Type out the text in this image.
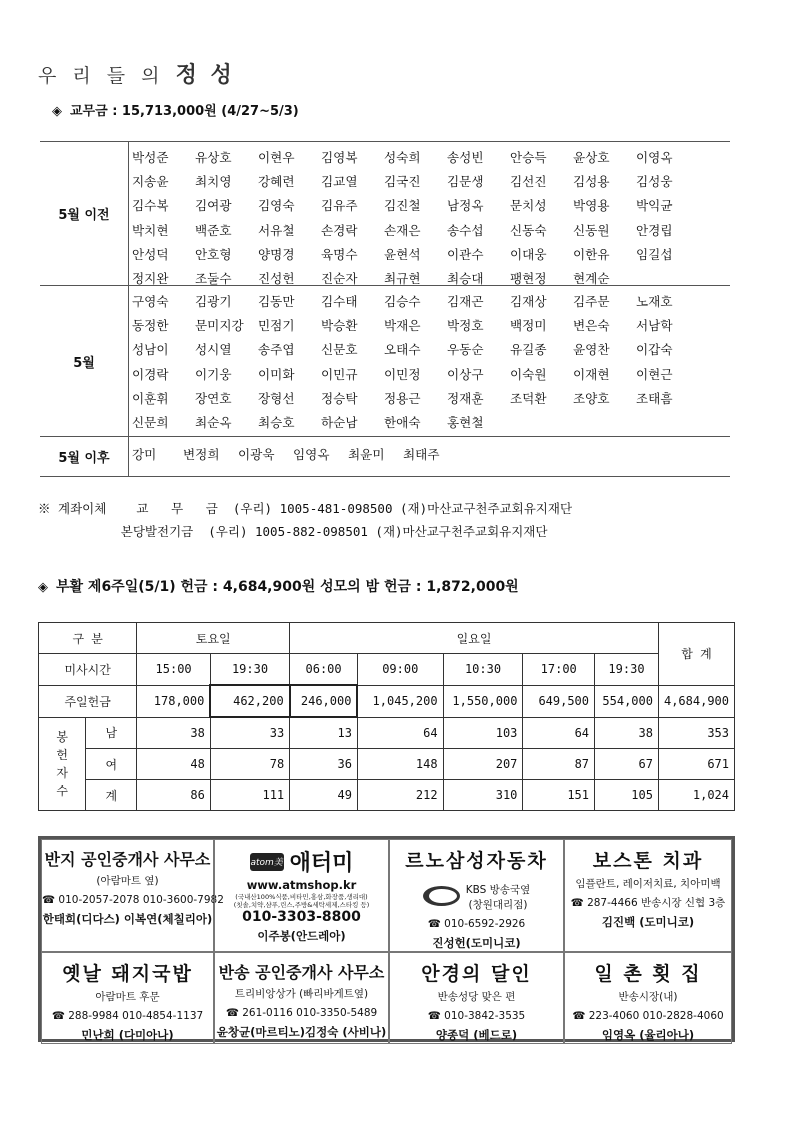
우 리 들 의 정 성
◈ 교무금 : 15,713,000원 (4/27~5/3)
5월 이전
박성준	유상호	이현우	김영복	성숙희	송성빈	안승득	윤상호	이영옥
지송윤	최치영	강혜련	김교열	김국진	김문생	김선진	김성용	김성웅
김수복	김여광	김영숙	김유주	김진철	남정옥	문치성	박영용	박익균
박치현	백준호	서유철	손경락	손재은	송수섭	신동숙	신동원	안경립
안성덕	안호형	양명경	육명수	윤현석	이관수	이대웅	이한유	임길섭
정지완	조둘수	진성헌	진순자	최규현	최승대	팽현정	현계순
5월
구영숙	김광기	김동만	김수태	김승수	김재곤	김재상	김주문	노재호
동정한	문미지강	민점기	박승환	박재은	박정호	백정미	변은숙	서남학
성남이	성시열	송주엽	신문호	오태수	우동순	유길종	윤영찬	이갑숙
이경락	이기웅	이미화	이민규	이민정	이상구	이숙원	이재현	이현근
이훈휘	장연호	장형선	정승탁	정용근	정재훈	조덕환	조양호	조태흠
신문희	최순옥	최승호	하순남	한애숙	홍현철
5월 이후	강미	변정희	이광욱	임영옥	최윤미	최태주
※ 계좌이체    교   무   금  (우리) 1005-481-098500 (재)마산교구천주교회유지재단
본당발전기금  (우리) 1005-882-098501 (재)마산교구천주교회유지재단
◈ 부활 제6주일(5/1) 헌금 : 4,684,900원 성모의 밤 헌금 : 1,872,000원
구 분		토요일		일요일					합 계
미사시간		15:00	19:30	06:00	09:00	10:30	17:00	19:30	
주일헌금		178,000	462,200	246,000	1,045,200	1,550,000	649,500	554,000	4,684,900
봉
헌
자
수	남	38	33	13	64	103	64	38	353
	여	48	78	36	148	207	87	67	671
	계	86	111	49	212	310	151	105	1,024
반지 공인중개사 사무소
(아람마트 옆)
☎ 010-2057-2078 010-3600-7982
한태희(디다스) 이복연(체칠리아)
atom美 애터미
www.atmshop.kr
(국내산100%식품,비타민,홍삼,화장품,생리대)
(칫솔,치약,샴푸,린스,주방&세탁세제,스타킹 등)
010-3303-8800
이주봉(안드레아)
르노삼성자동차
KBS 방송국옆
(창원대리점)
☎ 010-6592-2926
진성헌(도미니코)
보스톤 치과
임플란트, 레이저치료, 치아미백
☎ 287-4466 반송시장 신협 3층
김진백 (도미니코)
옛날 돼지국밥
아람마트 후문
☎ 288-9984 010-4854-1137
민난희 (다미아나)
반송 공인중개사 사무소
트리비앙상가 (빠리바게트옆)
☎ 261-0116 010-3350-5489
윤창균(마르티노)김정숙 (사비나)
안경의 달인
반송성당 맞은 편
☎ 010-3842-3535
양종덕 (베드로)
일 촌 횟 집
반송시장(내)
☎ 223-4060 010-2828-4060
임영옥 (율리아나)
